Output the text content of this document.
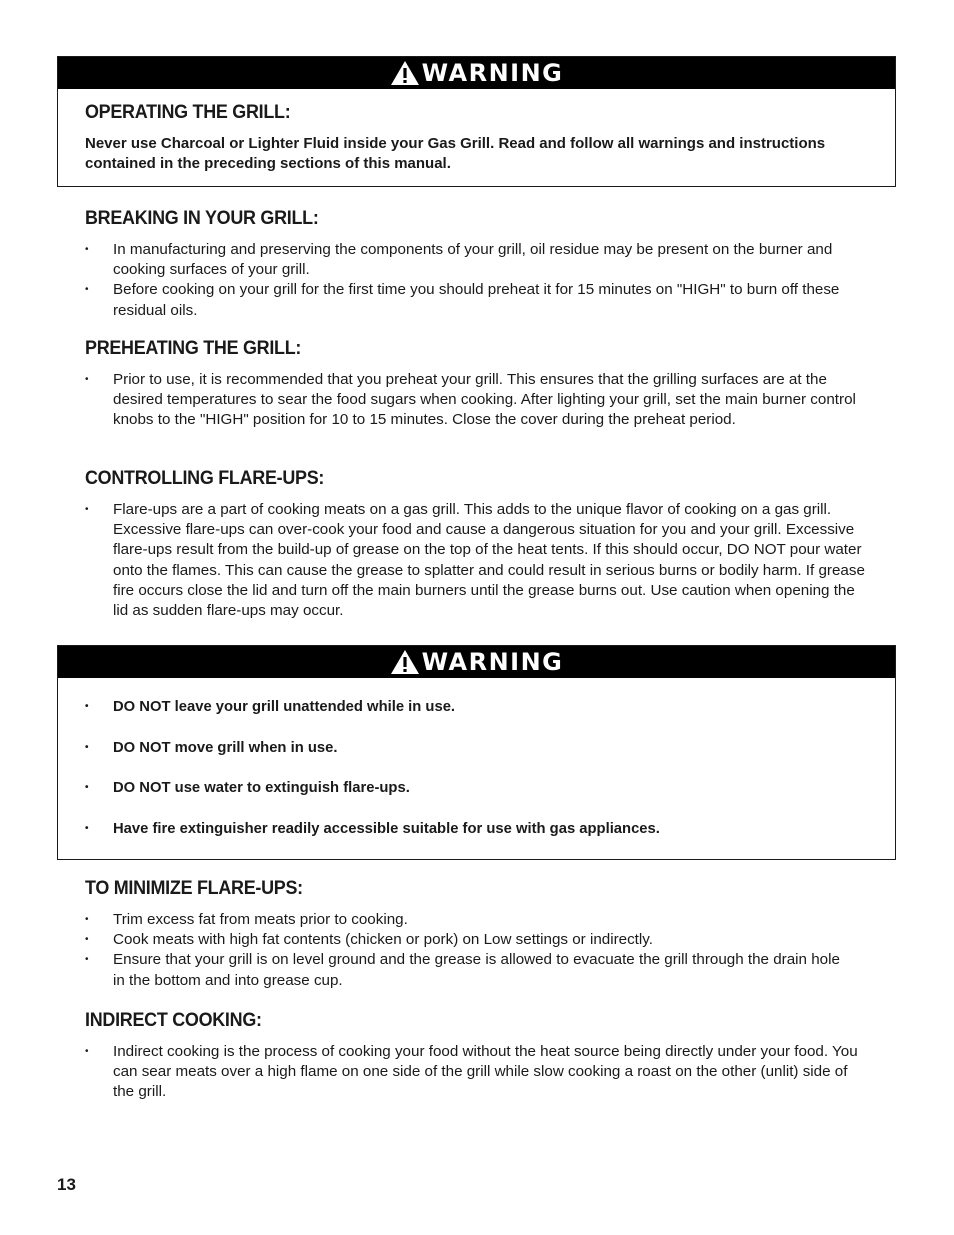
WARNING
OPERATING THE GRILL:

Never use Charcoal or Lighter Fluid inside your Gas Grill. Read and follow all warnings and instructions contained in the preceding sections of this manual.

BREAKING IN YOUR GRILL:
• In manufacturing and preserving the components of your grill, oil residue may be present on the burner and cooking surfaces of your grill.
• Before cooking on your grill for the first time you should preheat it for 15 minutes on "HIGH" to burn off these residual oils.
PREHEATING THE GRILL:
• Prior to use, it is recommended that you preheat your grill. This ensures that the grilling surfaces are at the desired temperatures to sear the food sugars when cooking. After lighting your grill, set the main burner control knobs to the "HIGH" position for 10 to 15 minutes. Close the cover during the preheat period.
CONTROLLING FLARE-UPS:
• Flare-ups are a part of cooking meats on a gas grill. This adds to the unique flavor of cooking on a gas grill. Excessive flare-ups can over-cook your food and cause a dangerous situation for you and your grill. Excessive flare-ups result from the build-up of grease on the top of the heat tents. If this should occur, DO NOT pour water onto the flames. This can cause the grease to splatter and could result in serious burns or bodily harm. If grease fire occurs close the lid and turn off the main burners until the grease burns out. Use caution when opening the lid as sudden flare-ups may occur.
WARNING
• DO NOT leave your grill unattended while in use.
• DO NOT move grill when in use.
• DO NOT use water to extinguish flare-ups.
• Have fire extinguisher readily accessible suitable for use with gas appliances.
TO MINIMIZE FLARE-UPS:
• Trim excess fat from meats prior to cooking.
• Cook meats with high fat contents (chicken or pork) on Low settings or indirectly.
• Ensure that your grill is on level ground and the grease is allowed to evacuate the grill through the drain hole in the bottom and into grease cup.
INDIRECT COOKING:
• Indirect cooking is the process of cooking your food without the heat source being directly under your food. You can sear meats over a high flame on one side of the grill while slow cooking a roast on the other (unlit) side of the grill.
13
